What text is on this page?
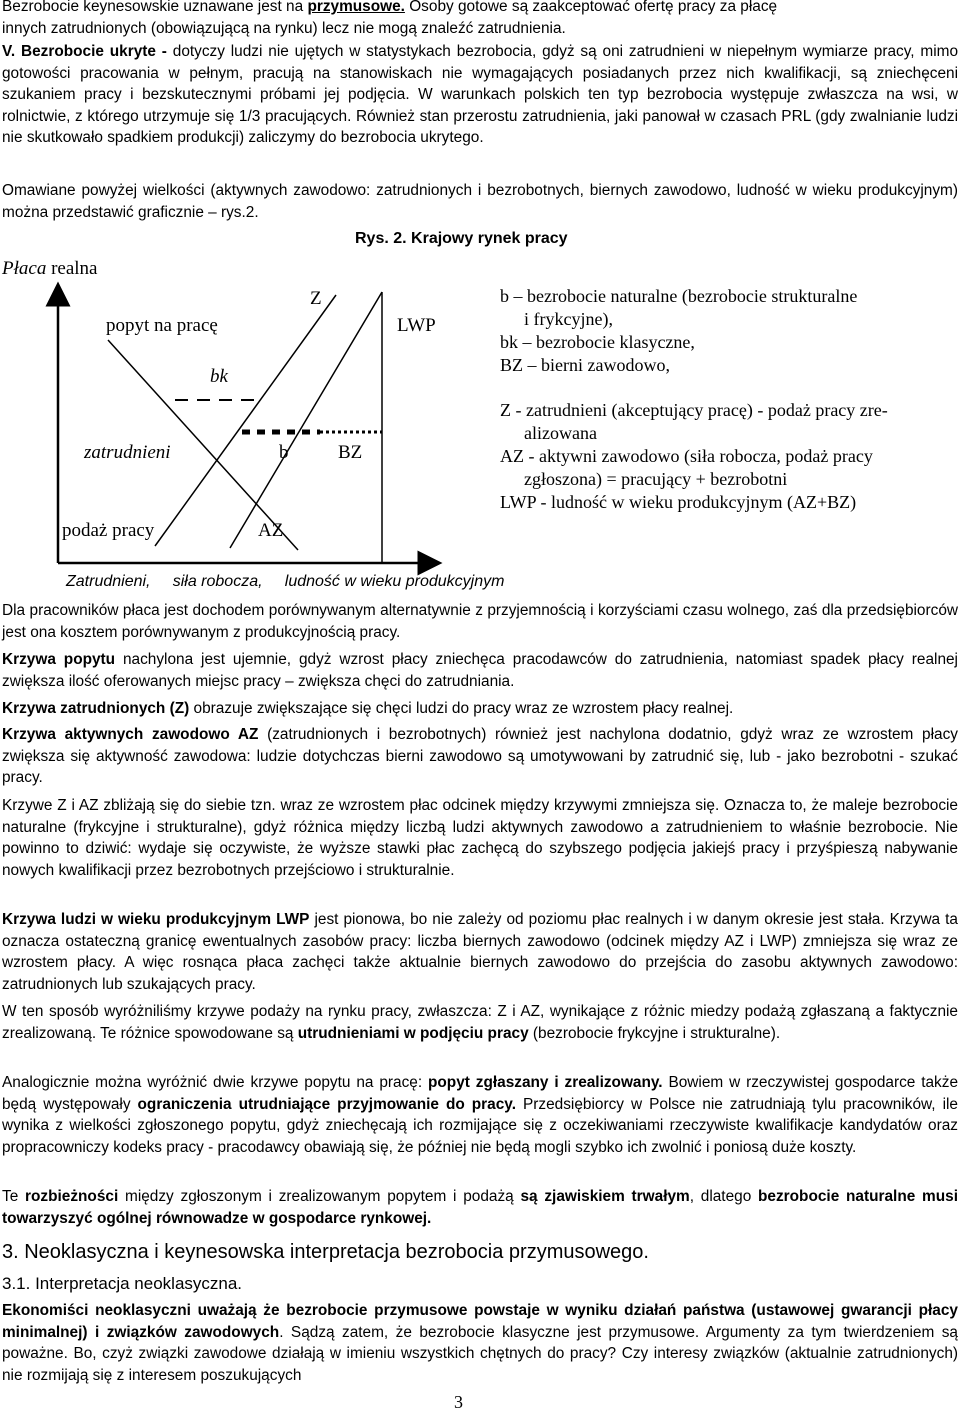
Bezrobocie keynesowskie uznawane jest na przymusowe. Osoby gotowe są zaakceptować ofertę pracy za płacę
innych zatrudnionych (obowiązującą na rynku) lecz nie mogą znaleźć zatrudnienia.

V. Bezrobocie ukryte - dotyczy ludzi nie ujętych w statystykach bezrobocia, gdyż są oni zatrudnieni w niepełnym wymiarze pracy, mimo gotowości pracowania w pełnym, pracują na stanowiskach nie wymagających posiadanych przez nich kwalifikacji, są zniechęceni szukaniem pracy i bezskutecznymi próbami jej podjęcia. W warunkach polskich ten typ bezrobocia występuje zwłaszcza na wsi, w rolnictwie, z którego utrzymuje się 1/3 pracujących. Również stan przerostu zatrudnienia, jaki panował w czasach PRL (gdy zwalnianie ludzi nie skutkowało spadkiem produkcji) zaliczymy do bezrobocia ukrytego.

Omawiane powyżej wielkości (aktywnych zawodowo: zatrudnionych i bezrobotnych, biernych zawodowo, ludność w wieku produkcyjnym) można przedstawić graficznie – rys.2.

Rys. 2. Krajowy rynek pracy
Płaca realna
popyt na pracę
Z
LWP
bk
zatrudnieni	b	BZ
podaż pracy	AZ
Zatrudnieni,     siła robocza,     ludność w wieku produkcyjnym
b – bezrobocie naturalne (bezrobocie strukturalne
i frykcyjne),
bk – bezrobocie klasyczne,
BZ – bierni zawodowo,
Z - zatrudnieni (akceptujący pracę) - podaż pracy zre-
alizowana
AZ - aktywni zawodowo (siła robocza, podaż pracy
zgłoszona) = pracujący + bezrobotni
LWP - ludność w wieku produkcyjnym (AZ+BZ)

Dla pracowników płaca jest dochodem porównywanym alternatywnie z przyjemnością i korzyściami czasu wolnego, zaś dla przedsiębiorców jest ona kosztem porównywanym z produkcyjnością pracy.

Krzywa popytu nachylona jest ujemnie, gdyż wzrost płacy zniechęca pracodawców do zatrudnienia, natomiast spadek płacy realnej zwiększa ilość oferowanych miejsc pracy – zwiększa chęci do zatrudniania.

Krzywa zatrudnionych (Z) obrazuje zwiększające się chęci ludzi do pracy wraz ze wzrostem płacy realnej.

Krzywa aktywnych zawodowo AZ (zatrudnionych i bezrobotnych) również jest nachylona dodatnio, gdyż wraz ze wzrostem płacy zwiększa się aktywność zawodowa: ludzie dotychczas bierni zawodowo są umotywowani by zatrudnić się, lub - jako bezrobotni - szukać pracy.

Krzywe Z i AZ zbliżają się do siebie tzn. wraz ze wzrostem płac odcinek między krzywymi zmniejsza się. Oznacza to, że maleje bezrobocie naturalne (frykcyjne i strukturalne), gdyż różnica między liczbą ludzi aktywnych zawodowo a zatrudnieniem to właśnie bezrobocie. Nie powinno to dziwić: wydaje się oczywiste, że wyższe stawki płac zachęcą do szybszego podjęcia jakiejś pracy i przyśpieszą nabywanie nowych kwalifikacji przez bezrobotnych przejściowo i strukturalnie.

Krzywa ludzi w wieku produkcyjnym LWP jest pionowa, bo nie zależy od poziomu płac realnych i w danym okresie jest stała. Krzywa ta oznacza ostateczną granicę ewentualnych zasobów pracy: liczba biernych zawodowo (odcinek między AZ i LWP) zmniejsza się wraz ze wzrostem płacy. A więc rosnąca płaca zachęci także aktualnie biernych zawodowo do przejścia do zasobu aktywnych zawodowo: zatrudnionych lub szukających pracy.

W ten sposób wyróżniliśmy krzywe podaży na rynku pracy, zwłaszcza: Z i AZ, wynikające z różnic miedzy podażą zgłaszaną a faktycznie zrealizowaną. Te różnice spowodowane są utrudnieniami w podjęciu pracy (bezrobocie frykcyjne i strukturalne).

Analogicznie można wyróżnić dwie krzywe popytu na pracę: popyt zgłaszany i zrealizowany. Bowiem w rzeczywistej gospodarce także będą występowały ograniczenia utrudniające przyjmowanie do pracy. Przedsiębiorcy w Polsce nie zatrudniają tylu pracowników, ile wynika z wielkości zgłoszonego popytu, gdyż zniechęcają ich rozmijające się z oczekiwaniami rzeczywiste kwalifikacje kandydatów oraz propracowniczy kodeks pracy - pracodawcy obawiają się, że później nie będą mogli szybko ich zwolnić i poniosą duże koszty.

Te rozbieżności między zgłoszonym i zrealizowanym popytem i podażą są zjawiskiem trwałym, dlatego bezrobocie naturalne musi towarzyszyć ogólnej równowadze w gospodarce rynkowej.

3. Neoklasyczna i keynesowska interpretacja bezrobocia przymusowego.
3.1. Interpretacja neoklasyczna.

Ekonomiści neoklasyczni uważają że bezrobocie przymusowe powstaje w wyniku działań państwa (ustawowej gwarancji płacy minimalnej) i związków zawodowych. Sądzą zatem, że bezrobocie klasyczne jest przymusowe. Argumenty za tym twierdzeniem są poważne. Bo, czyż związki zawodowe działają w imieniu wszystkich chętnych do pracy? Czy interesy związków (aktualnie zatrudnionych) nie rozmijają się z interesem poszukujących

3
